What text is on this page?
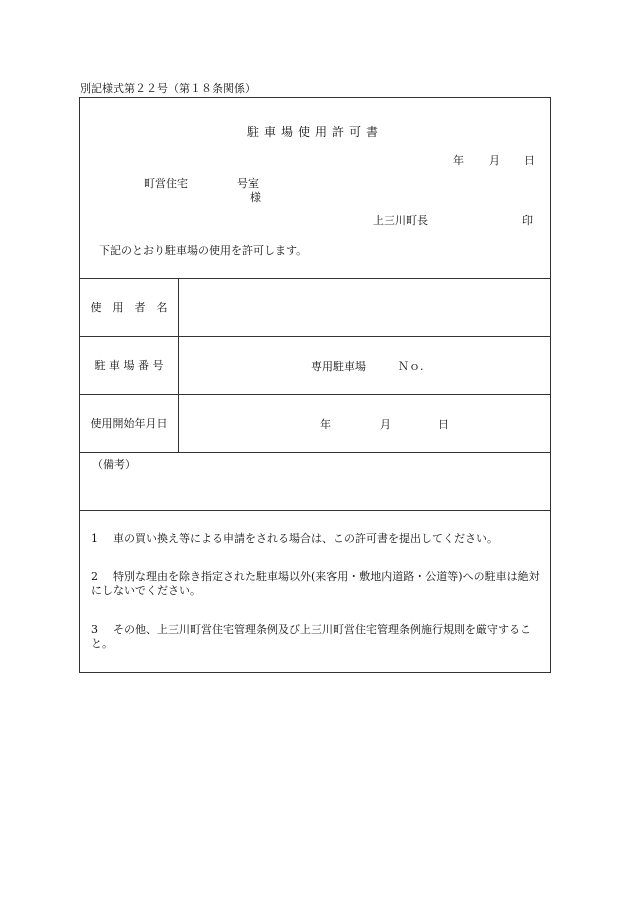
別記様式第２２号（第１８条関係）
駐車場使用許可書
年 月 日
町営住宅	号室
様
上三川町長	印
下記のとおり駐車場の使用を許可します。
使　用　者　名
駐 車 場 番 号	専用駐車場	Ｎｏ.
使用開始年月日	年	月	日
（備考）
1 車の買い換え等による申請をされる場合は、この許可書を提出してください。
2 特別な理由を除き指定された駐車場以外(来客用・敷地内道路・公道等)への駐車は絶対にしないでください。
3 その他、上三川町営住宅管理条例及び上三川町営住宅管理条例施行規則を厳守すること。
